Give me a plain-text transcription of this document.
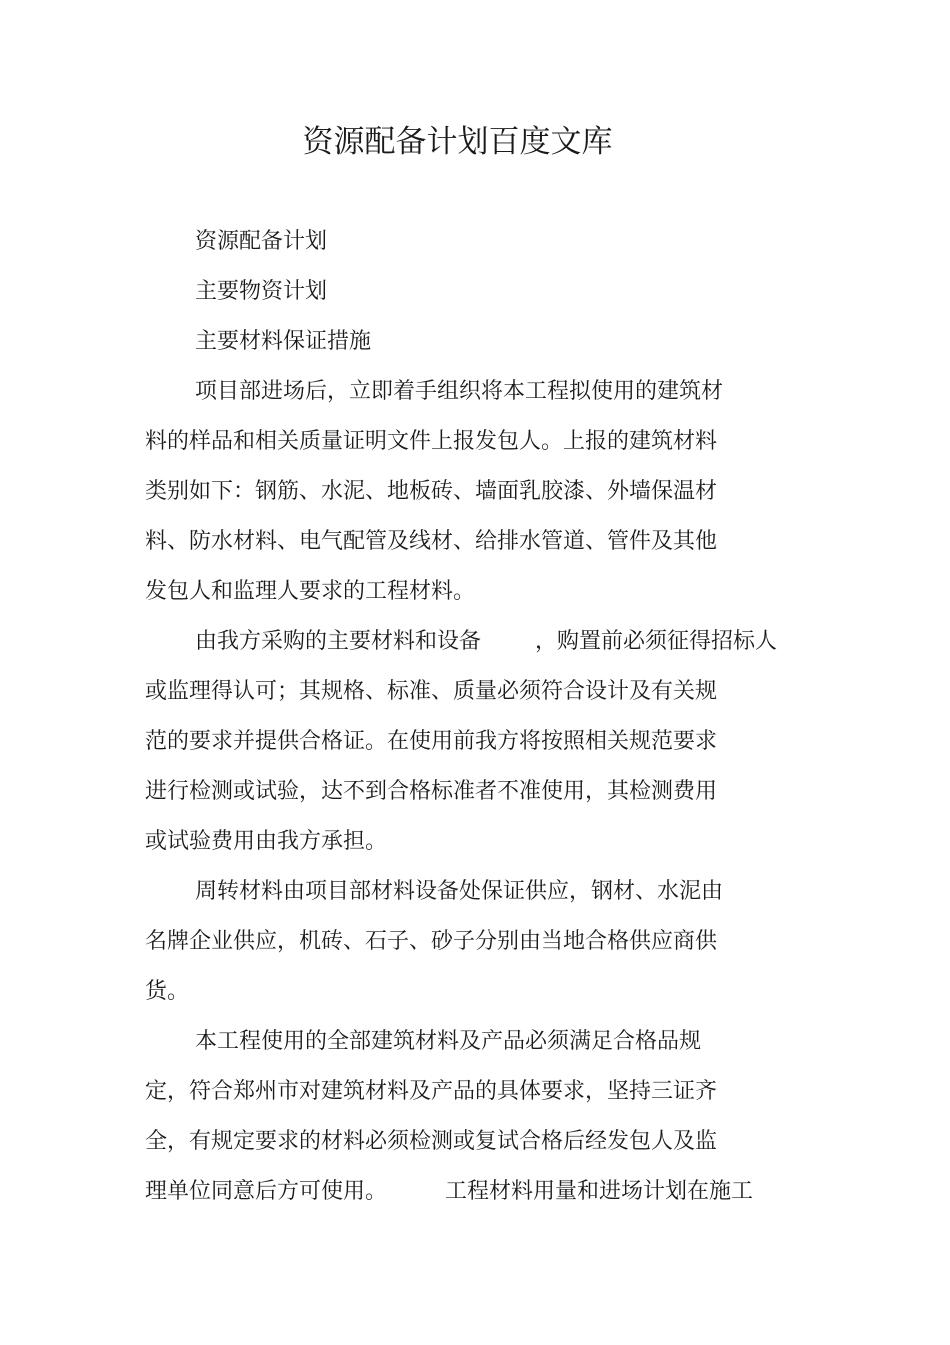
资源配备计划百度文库
资源配备计划
主要物资计划
主要材料保证措施
项目部进场后，立即着手组织将本工程拟使用的建筑材
料的样品和相关质量证明文件上报发包人。上报的建筑材料
类别如下：钢筋、水泥、地板砖、墙面乳胶漆、外墙保温材
料、防水材料、电气配管及线材、给排水管道、管件及其他
发包人和监理人要求的工程材料。
由我方采购的主要材料和设备 ，购置前必须征得招标人
或监理得认可；其规格、标准、质量必须符合设计及有关规
范的要求并提供合格证。在使用前我方将按照相关规范要求
进行检测或试验，达不到合格标准者不准使用，其检测费用
或试验费用由我方承担。
周转材料由项目部材料设备处保证供应，钢材、水泥由
名牌企业供应，机砖、石子、砂子分别由当地合格供应商供
货。
本工程使用的全部建筑材料及产品必须满足合格品规
定，符合郑州市对建筑材料及产品的具体要求，坚持三证齐
全，有规定要求的材料必须检测或复试合格后经发包人及监
理单位同意后方可使用。	工程材料用量和进场计划在施工
